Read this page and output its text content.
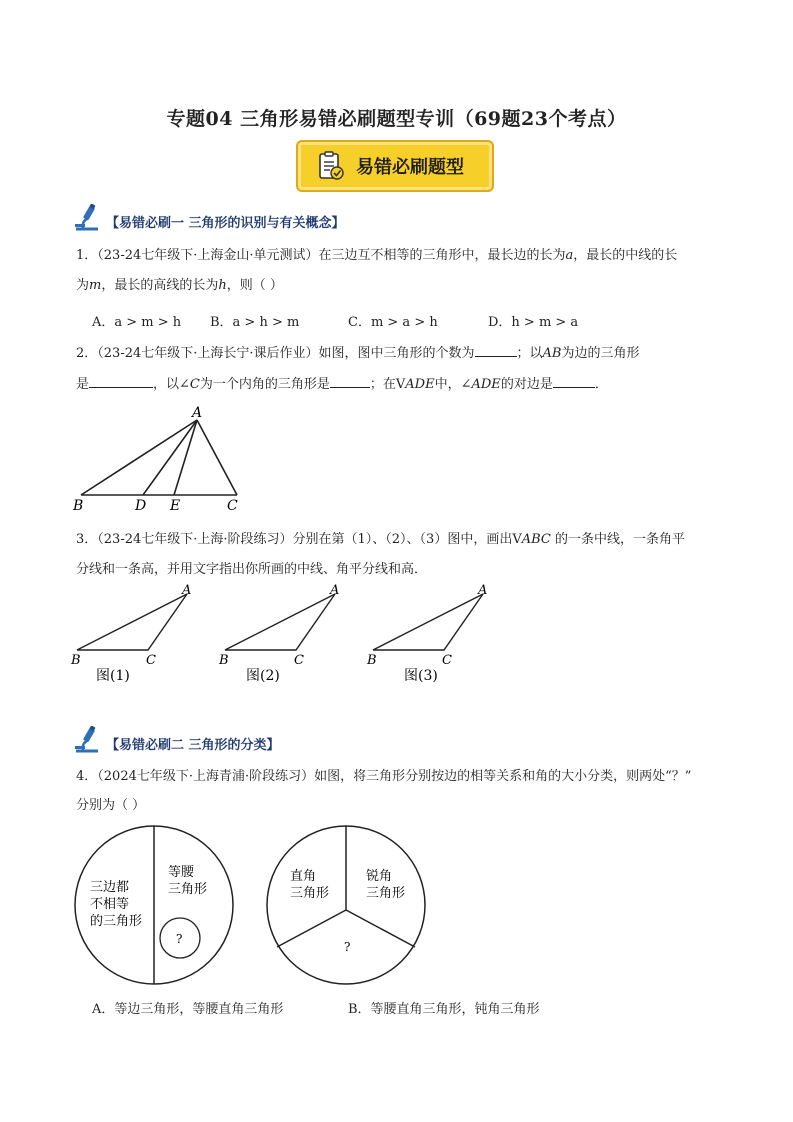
专题04 三角形易错必刷题型专训（69题23个考点）
易错必刷题型
【易错必刷一 三角形的识别与有关概念】
1．（23-24七年级下·上海金山·单元测试）在三边互不相等的三角形中，最长边的长为a，最长的中线的长
为m，最长的高线的长为h，则（ ）
A．a > m > h B．a > h > m	C．m > a > h	D．h > m > a
2．（23-24七年级下·上海长宁·课后作业）如图，图中三角形的个数为	；以AB为边的三角形
是	，以∠C为一个内角的三角形是	；在VADE中，∠ADE的对边是	．
A
B	D E	C
3．（23-24七年级下·上海·阶段练习）分别在第（1）、（2）、（3）图中，画出VABC 的一条中线，一条角平
分线和一条高，并用文字指出你所画的中线、角平分线和高．
A
B	C
图(1)
A
B	C
图(2)
A
B	C
图(3)
【易错必刷二 三角形的分类】
4．（2024七年级下·上海青浦·阶段练习）如图，将三角形分别按边的相等关系和角的大小分类，则两处“？”
分别为（ ）
三边都
不相等
的三角形
等腰
三角形
?
直角
三角形
锐角
三角形
?
A．等边三角形，等腰直角三角形	B．等腰直角三角形，钝角三角形
